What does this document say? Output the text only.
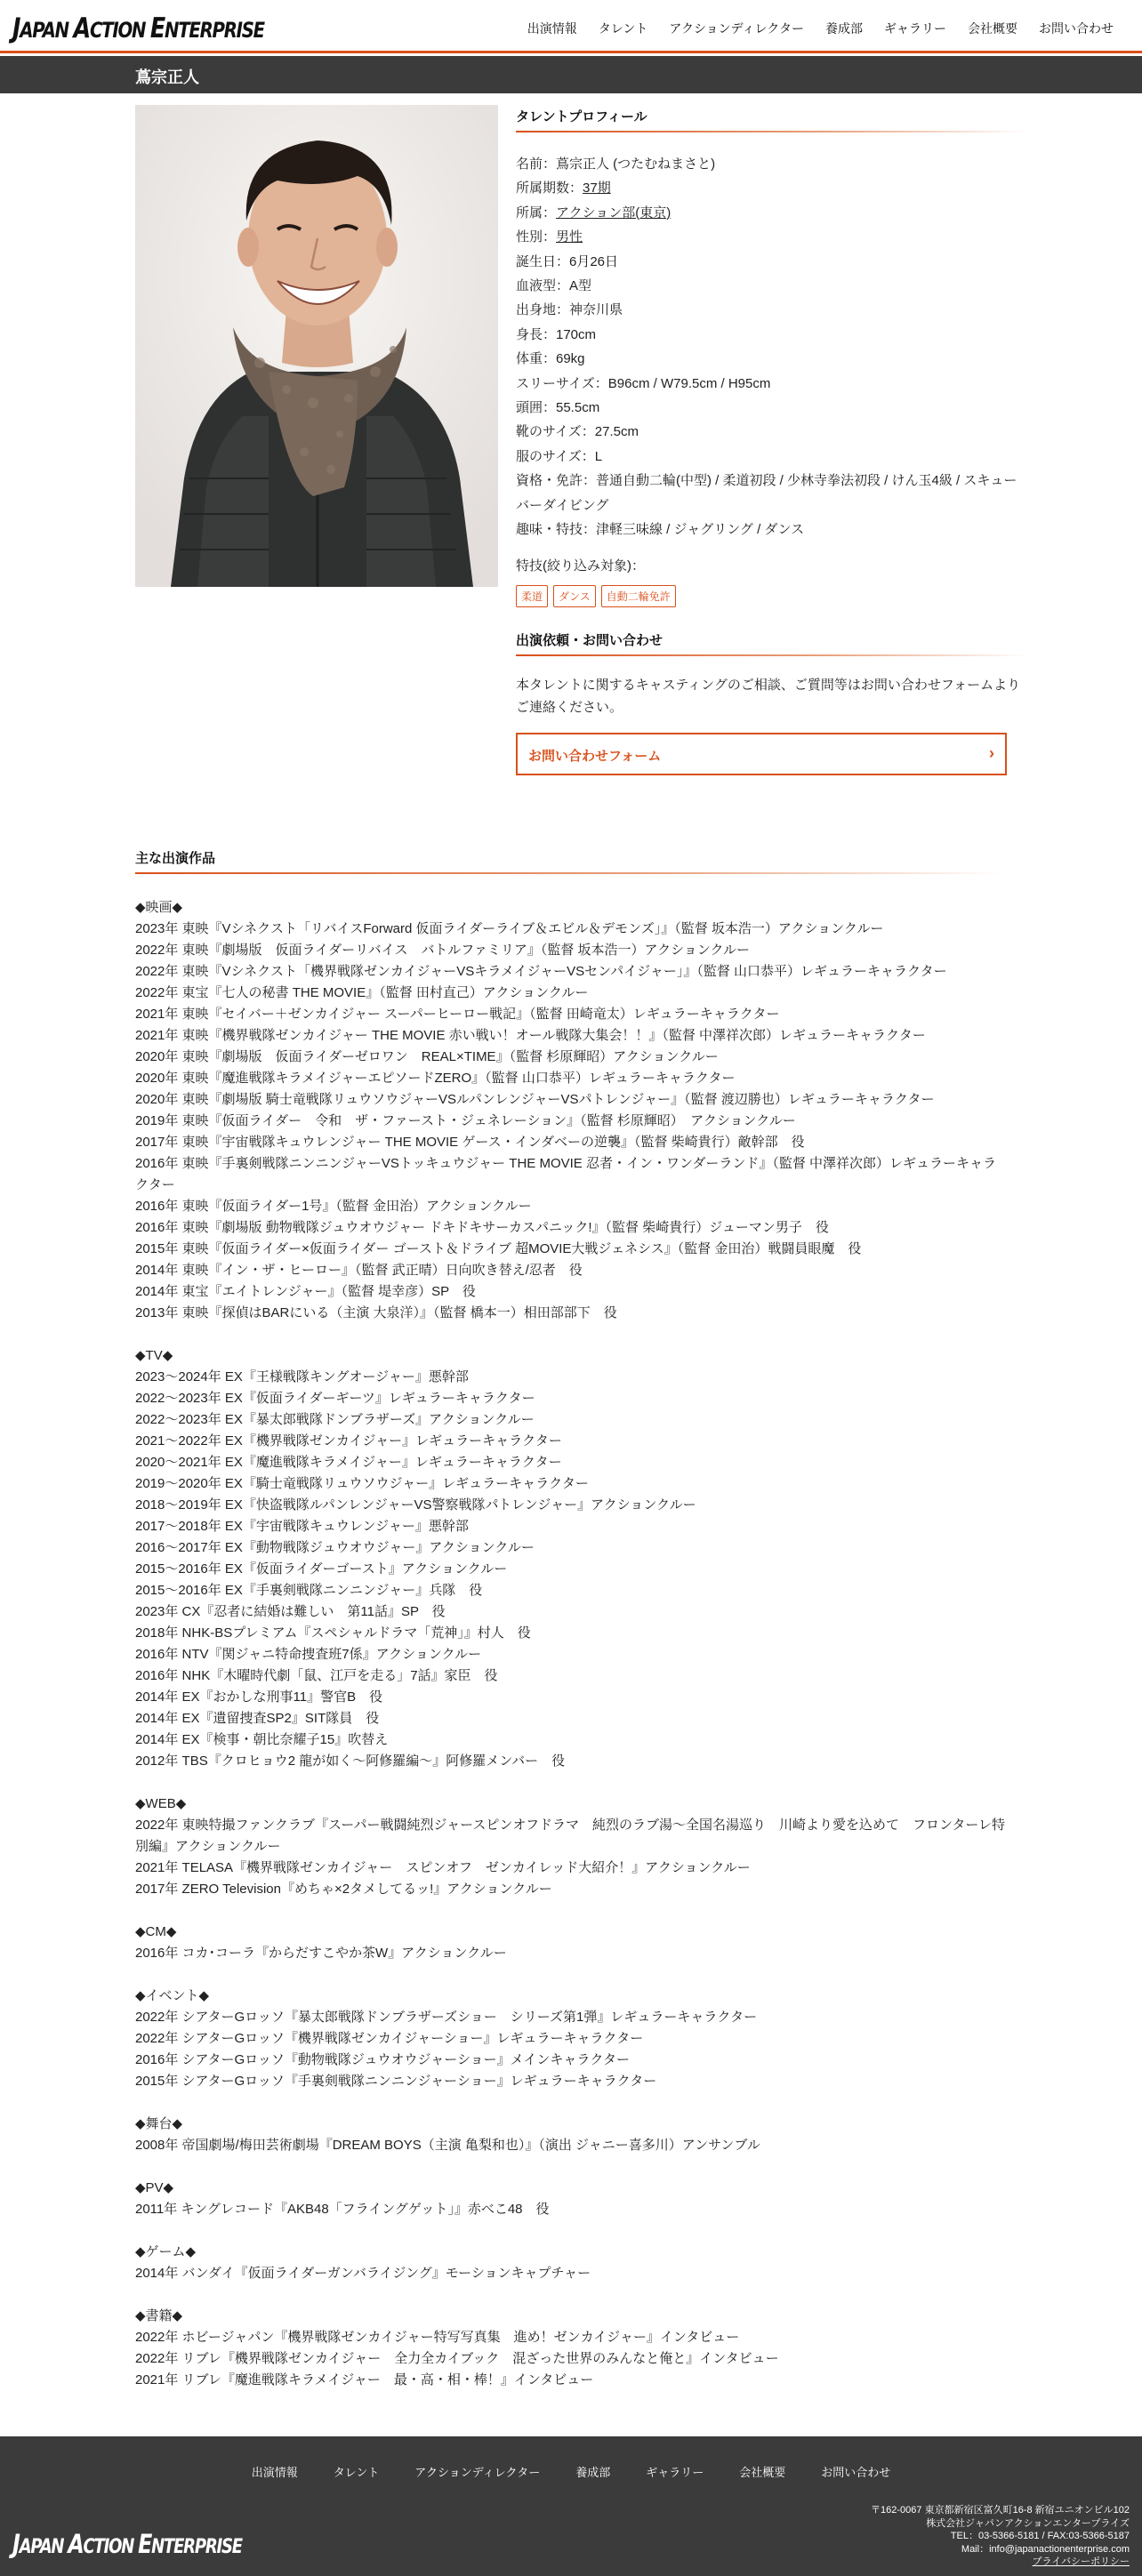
JAPAN ACTION ENTERPRISE	出演情報	タレント	アクションディレクター	養成部	ギャラリー	会社概要	お問い合わせ
蔦宗正人
タレントプロフィール
名前：蔦宗正人 (つたむねまさと)
所属期数：37期
所属：アクション部(東京)
性別：男性
誕生日：6月26日
血液型：A型
出身地：神奈川県
身長：170cm
体重：69kg
スリーサイズ：B96cm / W79.5cm / H95cm
頭囲：55.5cm
靴のサイズ：27.5cm
服のサイズ：L
資格・免許：普通自動二輪(中型) / 柔道初段 / 少林寺拳法初段 / けん玉4級 / スキューバーダイビング
趣味・特技：津軽三味線 / ジャグリング / ダンス
特技(絞り込み対象)：
柔道	ダンス	自動二輪免許
出演依頼・お問い合わせ
本タレントに関するキャスティングのご相談、ご質問等はお問い合わせフォームよりご連絡ください。
お問い合わせフォーム	›
主な出演作品
◆映画◆
2023年 東映『Vシネクスト「リバイスForward 仮面ライダーライブ＆エビル＆デモンズ」』（監督 坂本浩一）アクションクルー
2022年 東映『劇場版　仮面ライダーリバイス　バトルファミリア』（監督 坂本浩一）アクションクルー
2022年 東映『Vシネクスト「機界戦隊ゼンカイジャーVSキラメイジャーVSセンパイジャー」』（監督 山口恭平）レギュラーキャラクター
2022年 東宝『七人の秘書 THE MOVIE』（監督 田村直己）アクションクルー
2021年 東映『セイバー＋ゼンカイジャー スーパーヒーロー戦記』（監督 田崎竜太）レギュラーキャラクター
2021年 東映『機界戦隊ゼンカイジャー THE MOVIE 赤い戦い！オール戦隊大集会！！』（監督 中澤祥次郎）レギュラーキャラクター
2020年 東映『劇場版　仮面ライダーゼロワン　REAL×TIME』（監督 杉原輝昭）アクションクルー
2020年 東映『魔進戦隊キラメイジャーエピソードZERO』（監督 山口恭平）レギュラーキャラクター
2020年 東映『劇場版 騎士竜戦隊リュウソウジャーVSルパンレンジャーVSパトレンジャー』（監督 渡辺勝也）レギュラーキャラクター
2019年 東映『仮面ライダー　令和　ザ・ファースト・ジェネレーション』（監督 杉原輝昭）　アクションクルー
2017年 東映『宇宙戦隊キュウレンジャー THE MOVIE ゲース・インダベーの逆襲』（監督 柴崎貴行）敵幹部　役
2016年 東映『手裏剣戦隊ニンニンジャーVSトッキュウジャー THE MOVIE 忍者・イン・ワンダーランド』（監督 中澤祥次郎）レギュラーキャラクター
2016年 東映『仮面ライダー1号』（監督 金田治）アクションクルー
2016年 東映『劇場版 動物戦隊ジュウオウジャー ドキドキサーカスパニック!』（監督 柴崎貴行）ジューマン男子　役
2015年 東映『仮面ライダー×仮面ライダー ゴースト＆ドライブ 超MOVIE大戦ジェネシス』（監督 金田治）戦闘員眼魔　役
2014年 東映『イン・ザ・ヒーロー』（監督 武正晴）日向吹き替え/忍者　役
2014年 東宝『エイトレンジャー』（監督 堤幸彦）SP　役
2013年 東映『探偵はBARにいる（主演 大泉洋）』（監督 橋本一）相田部部下　役
◆TV◆
2023〜2024年 EX『王様戦隊キングオージャー』悪幹部
2022〜2023年 EX『仮面ライダーギーツ』レギュラーキャラクター
2022〜2023年 EX『暴太郎戦隊ドンブラザーズ』アクションクルー
2021〜2022年 EX『機界戦隊ゼンカイジャー』レギュラーキャラクター
2020〜2021年 EX『魔進戦隊キラメイジャー』レギュラーキャラクター
2019〜2020年 EX『騎士竜戦隊リュウソウジャー』レギュラーキャラクター
2018〜2019年 EX『快盗戦隊ルパンレンジャーVS警察戦隊パトレンジャー』アクションクルー
2017〜2018年 EX『宇宙戦隊キュウレンジャー』悪幹部
2016〜2017年 EX『動物戦隊ジュウオウジャー』アクションクルー
2015〜2016年 EX『仮面ライダーゴースト』アクションクルー
2015〜2016年 EX『手裏剣戦隊ニンニンジャー』兵隊　役
2023年 CX『忍者に結婚は難しい　第11話』SP　役
2018年 NHK-BSプレミアム『スペシャルドラマ「荒神」』村人　役
2016年 NTV『関ジャニ特命捜査班7係』アクションクルー
2016年 NHK『木曜時代劇「鼠、江戸を走る」7話』家臣　役
2014年 EX『おかしな刑事11』警官B　役
2014年 EX『遺留捜査SP2』SIT隊員　役
2014年 EX『検事・朝比奈耀子15』吹替え
2012年 TBS『クロヒョウ2 龍が如く〜阿修羅編〜』阿修羅メンバー　役
◆WEB◆
2022年 東映特撮ファンクラブ『スーパー戦闘純烈ジャースピンオフドラマ　純烈のラブ湯〜全国名湯巡り　川崎より愛を込めて　フロンターレ特別編』アクションクルー
2021年 TELASA『機界戦隊ゼンカイジャー　スピンオフ　ゼンカイレッド大紹介！』アクションクルー
2017年 ZERO Television『めちゃ×2タメしてるッ!』アクションクルー
◆CM◆
2016年 コカ･コーラ『からだすこやか茶W』アクションクルー
◆イベント◆
2022年 シアターGロッソ『暴太郎戦隊ドンブラザーズショー　シリーズ第1弾』レギュラーキャラクター
2022年 シアターGロッソ『機界戦隊ゼンカイジャーショー』レギュラーキャラクター
2016年 シアターGロッソ『動物戦隊ジュウオウジャーショー』メインキャラクター
2015年 シアターGロッソ『手裏剣戦隊ニンニンジャーショー』レギュラーキャラクター
◆舞台◆
2008年 帝国劇場/梅田芸術劇場『DREAM BOYS（主演 亀梨和也）』（演出 ジャニー喜多川）アンサンブル
◆PV◆
2011年 キングレコード『AKB48「フライングゲット」』赤べこ48　役
◆ゲーム◆
2014年 バンダイ『仮面ライダーガンバライジング』モーションキャプチャー
◆書籍◆
2022年 ホビージャパン『機界戦隊ゼンカイジャー特写写真集　進め！ゼンカイジャー』インタビュー
2022年 リブレ『機界戦隊ゼンカイジャー　全力全カイブック　混ざった世界のみんなと俺と』インタビュー
2021年 リブレ『魔進戦隊キラメイジャー　最・高・相・棒！』インタビュー
出演情報	タレント	アクションディレクター	養成部	ギャラリー	会社概要	お問い合わせ
JAPAN ACTION ENTERPRISE
〒162-0067 東京都新宿区富久町16-8 新宿ユニオンビル102
株式会社ジャパンアクションエンタープライズ
TEL：03-5366-5181 / FAX:03-5366-5187
Mail：info@japanactionenterprise.com
プライバシーポリシー
